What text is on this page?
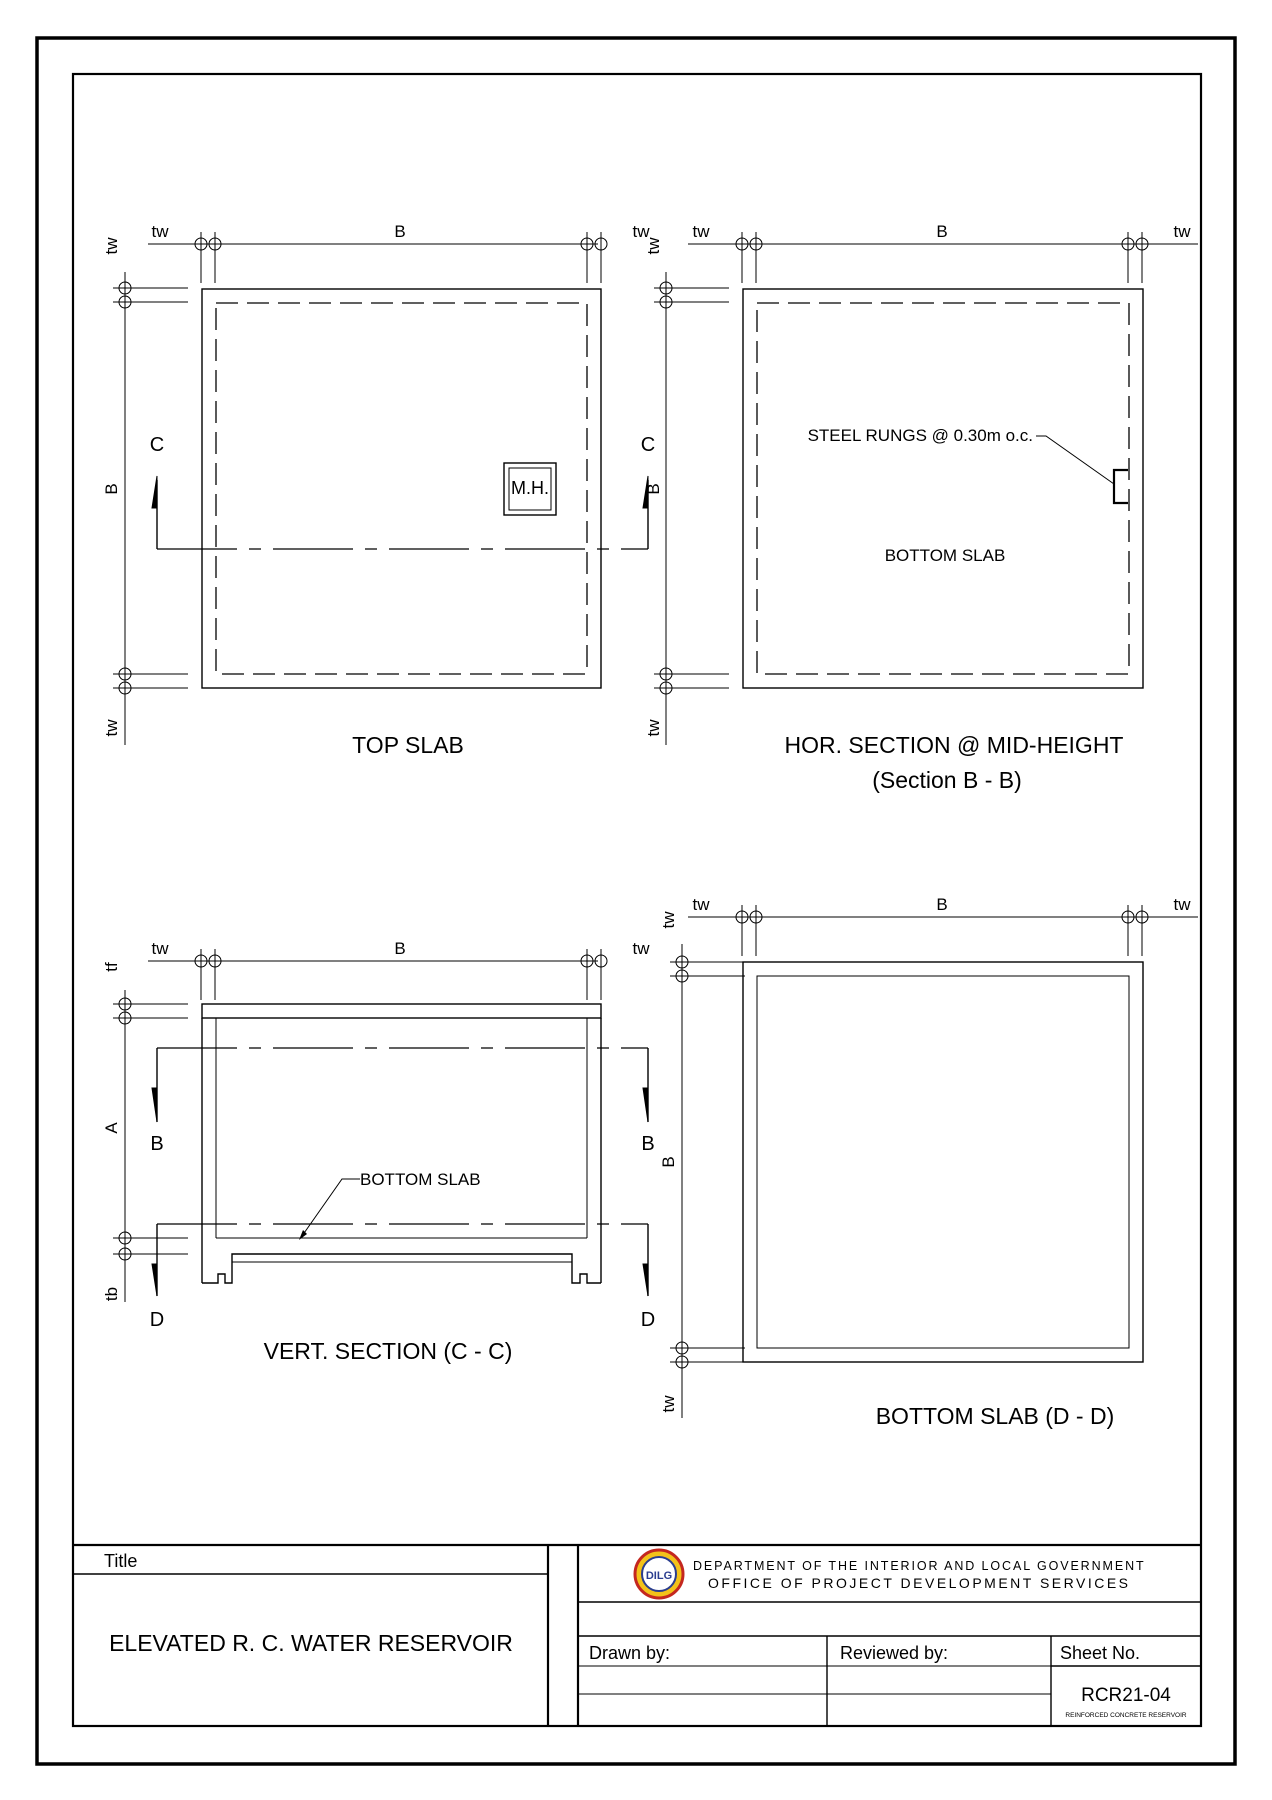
tw	B	tw
tw
B
tw
M.H.
C	C
TOP SLAB
tw	B	tw
tw
B
tw
STEEL RUNGS @ 0.30m o.c.
BOTTOM SLAB
HOR. SECTION @ MID-HEIGHT
(Section B - B)
tw	B	tw
tf
A
tb
B	B
D	D
BOTTOM SLAB
VERT. SECTION (C - C)
tw	B	tw
tw
B
tw	BOTTOM SLAB (D - D)
Title
ELEVATED R. C. WATER RESERVOIR
DILG
DEPARTMENT OF THE INTERIOR AND LOCAL GOVERNMENT
OFFICE OF PROJECT DEVELOPMENT SERVICES
Drawn by:	Reviewed by:	Sheet No.
RCR21-04
REINFORCED CONCRETE RESERVOIR
